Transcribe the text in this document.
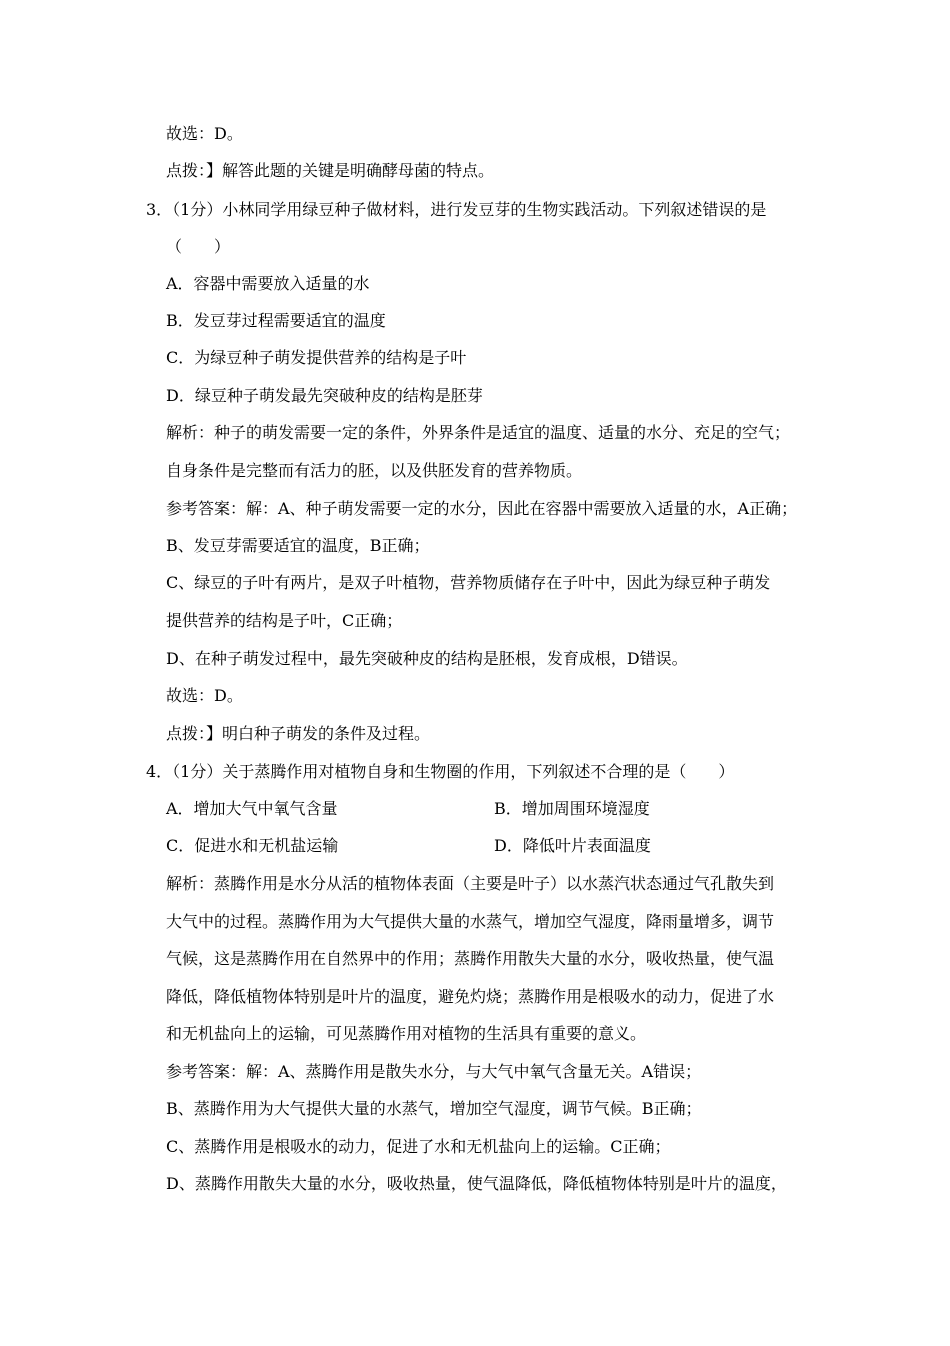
故选：D。
点拨：】解答此题的关键是明确酵母菌的特点。
3．（1分）小林同学用绿豆种子做材料，进行发豆芽的生物实践活动。下列叙述错误的是
（　　）
A．容器中需要放入适量的水
B．发豆芽过程需要适宜的温度
C．为绿豆种子萌发提供营养的结构是子叶
D．绿豆种子萌发最先突破种皮的结构是胚芽
解析：种子的萌发需要一定的条件，外界条件是适宜的温度、适量的水分、充足的空气；
自身条件是完整而有活力的胚，以及供胚发育的营养物质。
参考答案：解：A、种子萌发需要一定的水分，因此在容器中需要放入适量的水，A正确；
B、发豆芽需要适宜的温度，B正确；
C、绿豆的子叶有两片，是双子叶植物，营养物质储存在子叶中，因此为绿豆种子萌发
提供营养的结构是子叶，C正确；
D、在种子萌发过程中，最先突破种皮的结构是胚根，发育成根，D错误。
故选：D。
点拨：】明白种子萌发的条件及过程。
4．（1分）关于蒸腾作用对植物自身和生物圈的作用，下列叙述不合理的是（　　）
A．增加大气中氧气含量	B．增加周围环境湿度
C．促进水和无机盐运输	D．降低叶片表面温度
解析：蒸腾作用是水分从活的植物体表面（主要是叶子）以水蒸汽状态通过气孔散失到
大气中的过程。蒸腾作用为大气提供大量的水蒸气，增加空气湿度，降雨量增多，调节
气候，这是蒸腾作用在自然界中的作用；蒸腾作用散失大量的水分，吸收热量，使气温
降低，降低植物体特别是叶片的温度，避免灼烧；蒸腾作用是根吸水的动力，促进了水
和无机盐向上的运输，可见蒸腾作用对植物的生活具有重要的意义。
参考答案：解：A、蒸腾作用是散失水分，与大气中氧气含量无关。A错误；
B、蒸腾作用为大气提供大量的水蒸气，增加空气湿度，调节气候。B正确；
C、蒸腾作用是根吸水的动力，促进了水和无机盐向上的运输。C正确；
D、蒸腾作用散失大量的水分，吸收热量，使气温降低，降低植物体特别是叶片的温度，
